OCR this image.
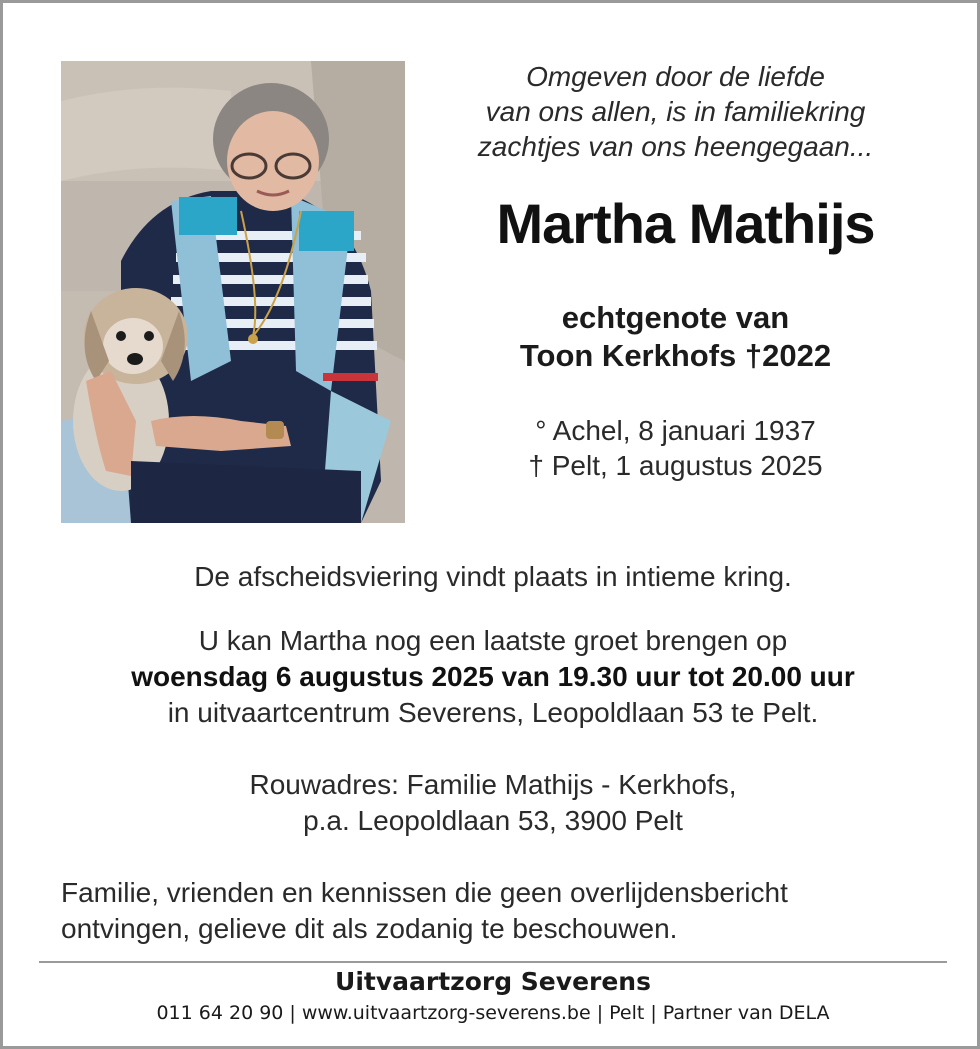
Omgeven door de liefde
van ons allen, is in familiekring
zachtjes van ons heengegaan...
Martha Mathijs
echtgenote van
Toon Kerkhofs †2022
° Achel, 8 januari 1937
† Pelt, 1 augustus 2025
De afscheidsviering vindt plaats in intieme kring.
U kan Martha nog een laatste groet brengen op
woensdag 6 augustus 2025 van 19.30 uur tot 20.00 uur
in uitvaartcentrum Severens, Leopoldlaan 53 te Pelt.
Rouwadres: Familie Mathijs - Kerkhofs,
p.a. Leopoldlaan 53, 3900 Pelt
Familie, vrienden en kennissen die geen overlijdensbericht
ontvingen, gelieve dit als zodanig te beschouwen.
Uitvaartzorg Severens
011 64 20 90 | www.uitvaartzorg-severens.be | Pelt | Partner van DELA
